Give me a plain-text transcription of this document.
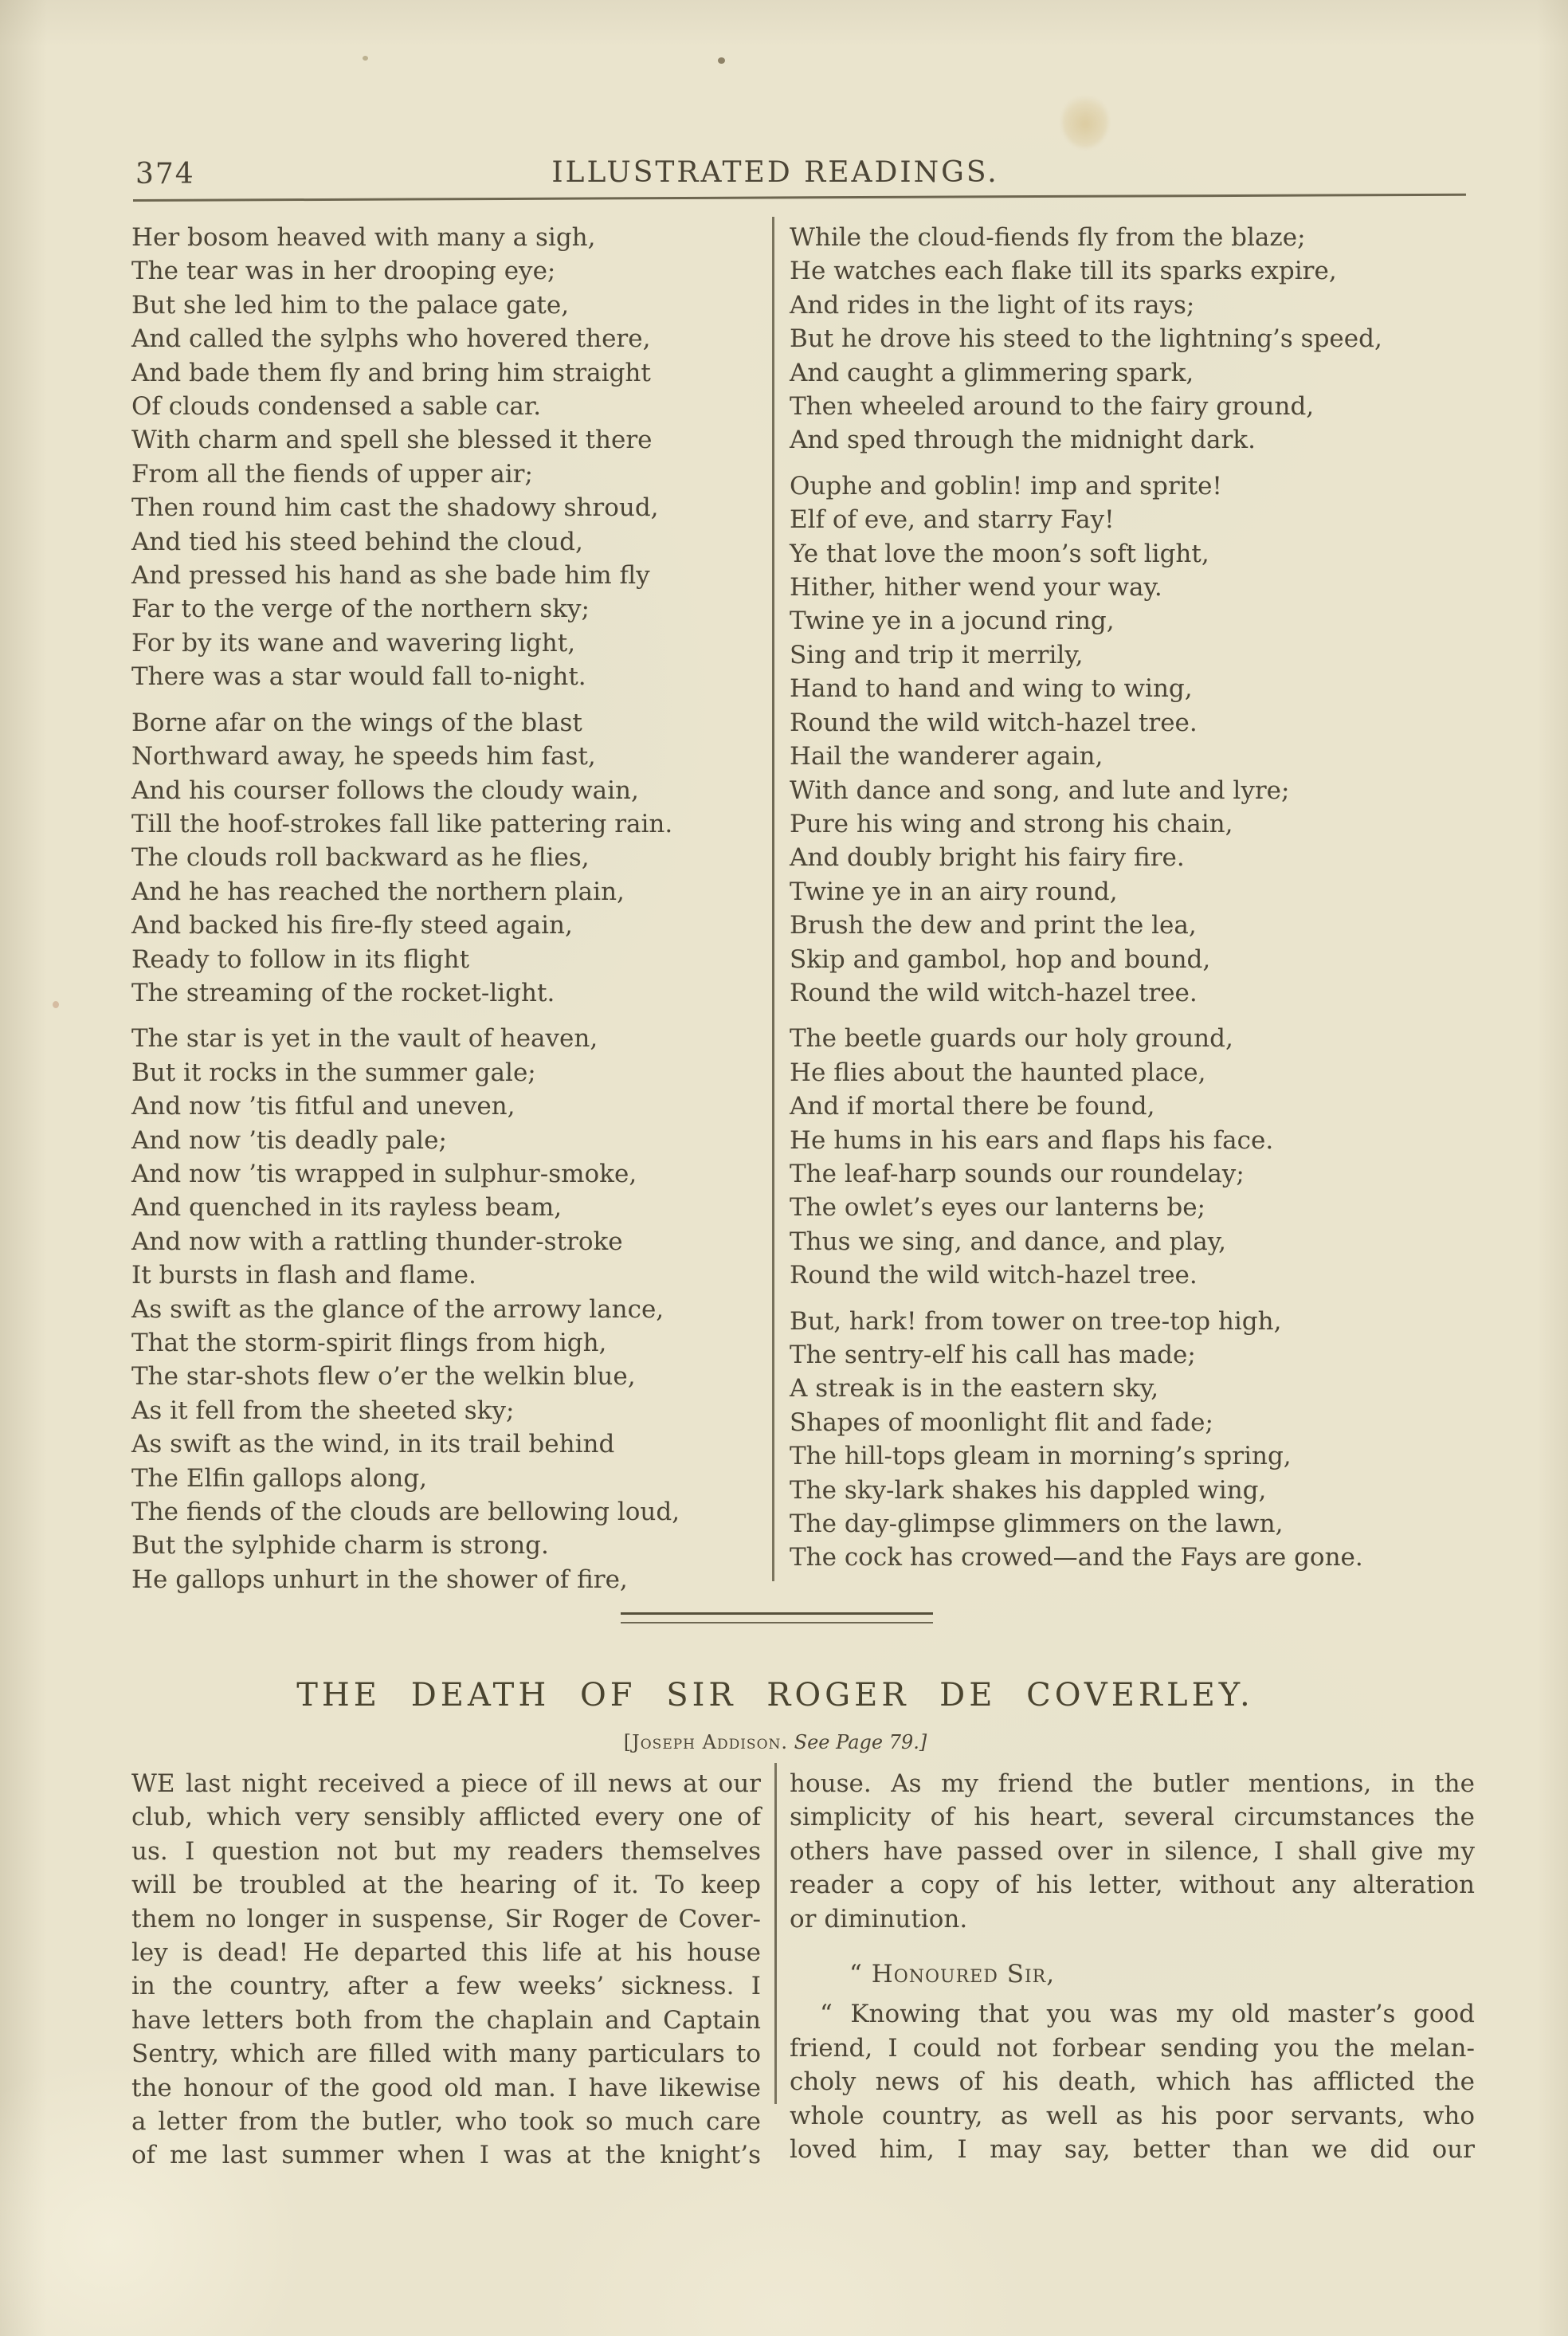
374	ILLUSTRATED READINGS.
Her bosom heaved with many a sigh,
The tear was in her drooping eye;
But she led him to the palace gate,
And called the sylphs who hovered there,
And bade them fly and bring him straight
Of clouds condensed a sable car.
With charm and spell she blessed it there
From all the fiends of upper air;
Then round him cast the shadowy shroud,
And tied his steed behind the cloud,
And pressed his hand as she bade him fly
Far to the verge of the northern sky;
For by its wane and wavering light,
There was a star would fall to-night.
Borne afar on the wings of the blast
Northward away, he speeds him fast,
And his courser follows the cloudy wain,
Till the hoof-strokes fall like pattering rain.
The clouds roll backward as he flies,
And he has reached the northern plain,
And backed his fire-fly steed again,
Ready to follow in its flight
The streaming of the rocket-light.
The star is yet in the vault of heaven,
But it rocks in the summer gale;
And now ’tis fitful and uneven,
And now ’tis deadly pale;
And now ’tis wrapped in sulphur-smoke,
And quenched in its rayless beam,
And now with a rattling thunder-stroke
It bursts in flash and flame.
As swift as the glance of the arrowy lance,
That the storm-spirit flings from high,
The star-shots flew o’er the welkin blue,
As it fell from the sheeted sky;
As swift as the wind, in its trail behind
The Elfin gallops along,
The fiends of the clouds are bellowing loud,
But the sylphide charm is strong.
He gallops unhurt in the shower of fire,
While the cloud-fiends fly from the blaze;
He watches each flake till its sparks expire,
And rides in the light of its rays;
But he drove his steed to the lightning’s speed,
And caught a glimmering spark,
Then wheeled around to the fairy ground,
And sped through the midnight dark.
Ouphe and goblin! imp and sprite!
Elf of eve, and starry Fay!
Ye that love the moon’s soft light,
Hither, hither wend your way.
Twine ye in a jocund ring,
Sing and trip it merrily,
Hand to hand and wing to wing,
Round the wild witch-hazel tree.
Hail the wanderer again,
With dance and song, and lute and lyre;
Pure his wing and strong his chain,
And doubly bright his fairy fire.
Twine ye in an airy round,
Brush the dew and print the lea,
Skip and gambol, hop and bound,
Round the wild witch-hazel tree.
The beetle guards our holy ground,
He flies about the haunted place,
And if mortal there be found,
He hums in his ears and flaps his face.
The leaf-harp sounds our roundelay;
The owlet’s eyes our lanterns be;
Thus we sing, and dance, and play,
Round the wild witch-hazel tree.
But, hark! from tower on tree-top high,
The sentry-elf his call has made;
A streak is in the eastern sky,
Shapes of moonlight flit and fade;
The hill-tops gleam in morning’s spring,
The sky-lark shakes his dappled wing,
The day-glimpse glimmers on the lawn,
The cock has crowed—and the Fays are gone.
THE DEATH OF SIR ROGER DE COVERLEY.
[Joseph Addison. See Page 79.]
WE last night received a piece of ill news at our
club, which very sensibly afflicted every one of
us. I question not but my readers themselves
will be troubled at the hearing of it. To keep
them no longer in suspense, Sir Roger de Cover-
ley is dead! He departed this life at his house
in the country, after a few weeks’ sickness. I
have letters both from the chaplain and Captain
Sentry, which are filled with many particulars to
the honour of the good old man. I have likewise
a letter from the butler, who took so much care
of me last summer when I was at the knight’s
house. As my friend the butler mentions, in the
simplicity of his heart, several circumstances the
others have passed over in silence, I shall give my
reader a copy of his letter, without any alteration
or diminution.
“ Honoured Sir,
“ Knowing that you was my old master’s good
friend, I could not forbear sending you the melan-
choly news of his death, which has afflicted the
whole country, as well as his poor servants, who
loved him, I may say, better than we did our
